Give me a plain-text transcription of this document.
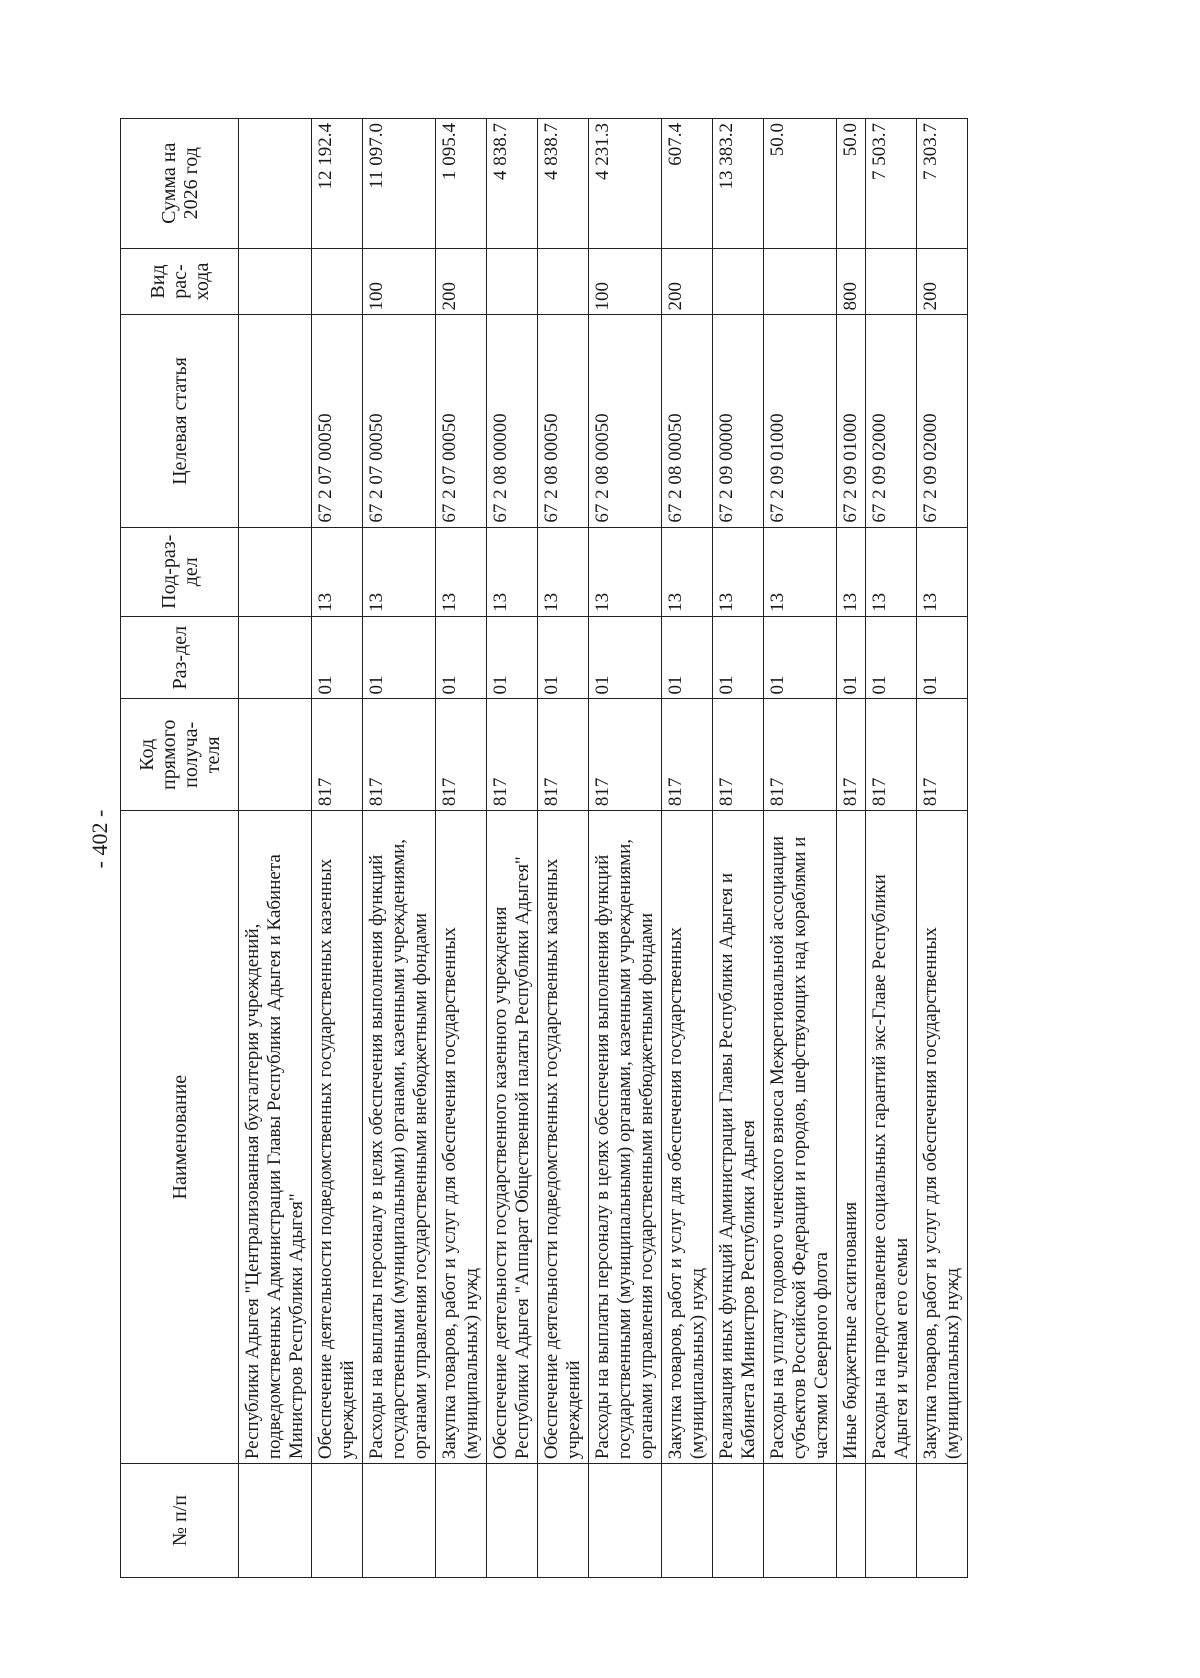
- 402 -
№ п/п	Наименование	Код прямого получа-теля	Раз-дел	Под-раз-дел	Целевая статья	Вид рас-хода	Сумма на 2026 год
	Республики Адыгея "Централизованная бухгалтерия учреждений, подведомственных Администрации Главы Республики Адыгея и Кабинета Министров Республики Адыгея"						
	Обеспечение деятельности подведомственных государственных казенных учреждений	817	01	13	67 2 07 00050		12 192.4
	Расходы на выплаты персоналу в целях обеспечения выполнения функций государственными (муниципальными) органами, казенными учреждениями, органами управления государственными внебюджетными фондами	817	01	13	67 2 07 00050	100	11 097.0
	Закупка товаров, работ и услуг для обеспечения государственных (муниципальных) нужд	817	01	13	67 2 07 00050	200	1 095.4
	Обеспечение деятельности государственного казенного учреждения Республики Адыгея "Аппарат Общественной палаты Республики Адыгея"	817	01	13	67 2 08 00000		4 838.7
	Обеспечение деятельности подведомственных государственных казенных учреждений	817	01	13	67 2 08 00050		4 838.7
	Расходы на выплаты персоналу в целях обеспечения выполнения функций государственными (муниципальными) органами, казенными учреждениями, органами управления государственными внебюджетными фондами	817	01	13	67 2 08 00050	100	4 231.3
	Закупка товаров, работ и услуг для обеспечения государственных (муниципальных) нужд	817	01	13	67 2 08 00050	200	607.4
	Реализация иных функций Администрации Главы Республики Адыгея и Кабинета Министров Республики Адыгея	817	01	13	67 2 09 00000		13 383.2
	Расходы на уплату годового членского взноса Межрегиональной ассоциации субъектов Российской Федерации и городов, шефствующих над кораблями и частями Северного флота	817	01	13	67 2 09 01000		50.0
	Иные бюджетные ассигнования	817	01	13	67 2 09 01000	800	50.0
	Расходы на предоставление социальных гарантий экс-Главе Республики Адыгея и членам его семьи	817	01	13	67 2 09 02000		7 503.7
	Закупка товаров, работ и услуг для обеспечения государственных (муниципальных) нужд	817	01	13	67 2 09 02000	200	7 303.7
